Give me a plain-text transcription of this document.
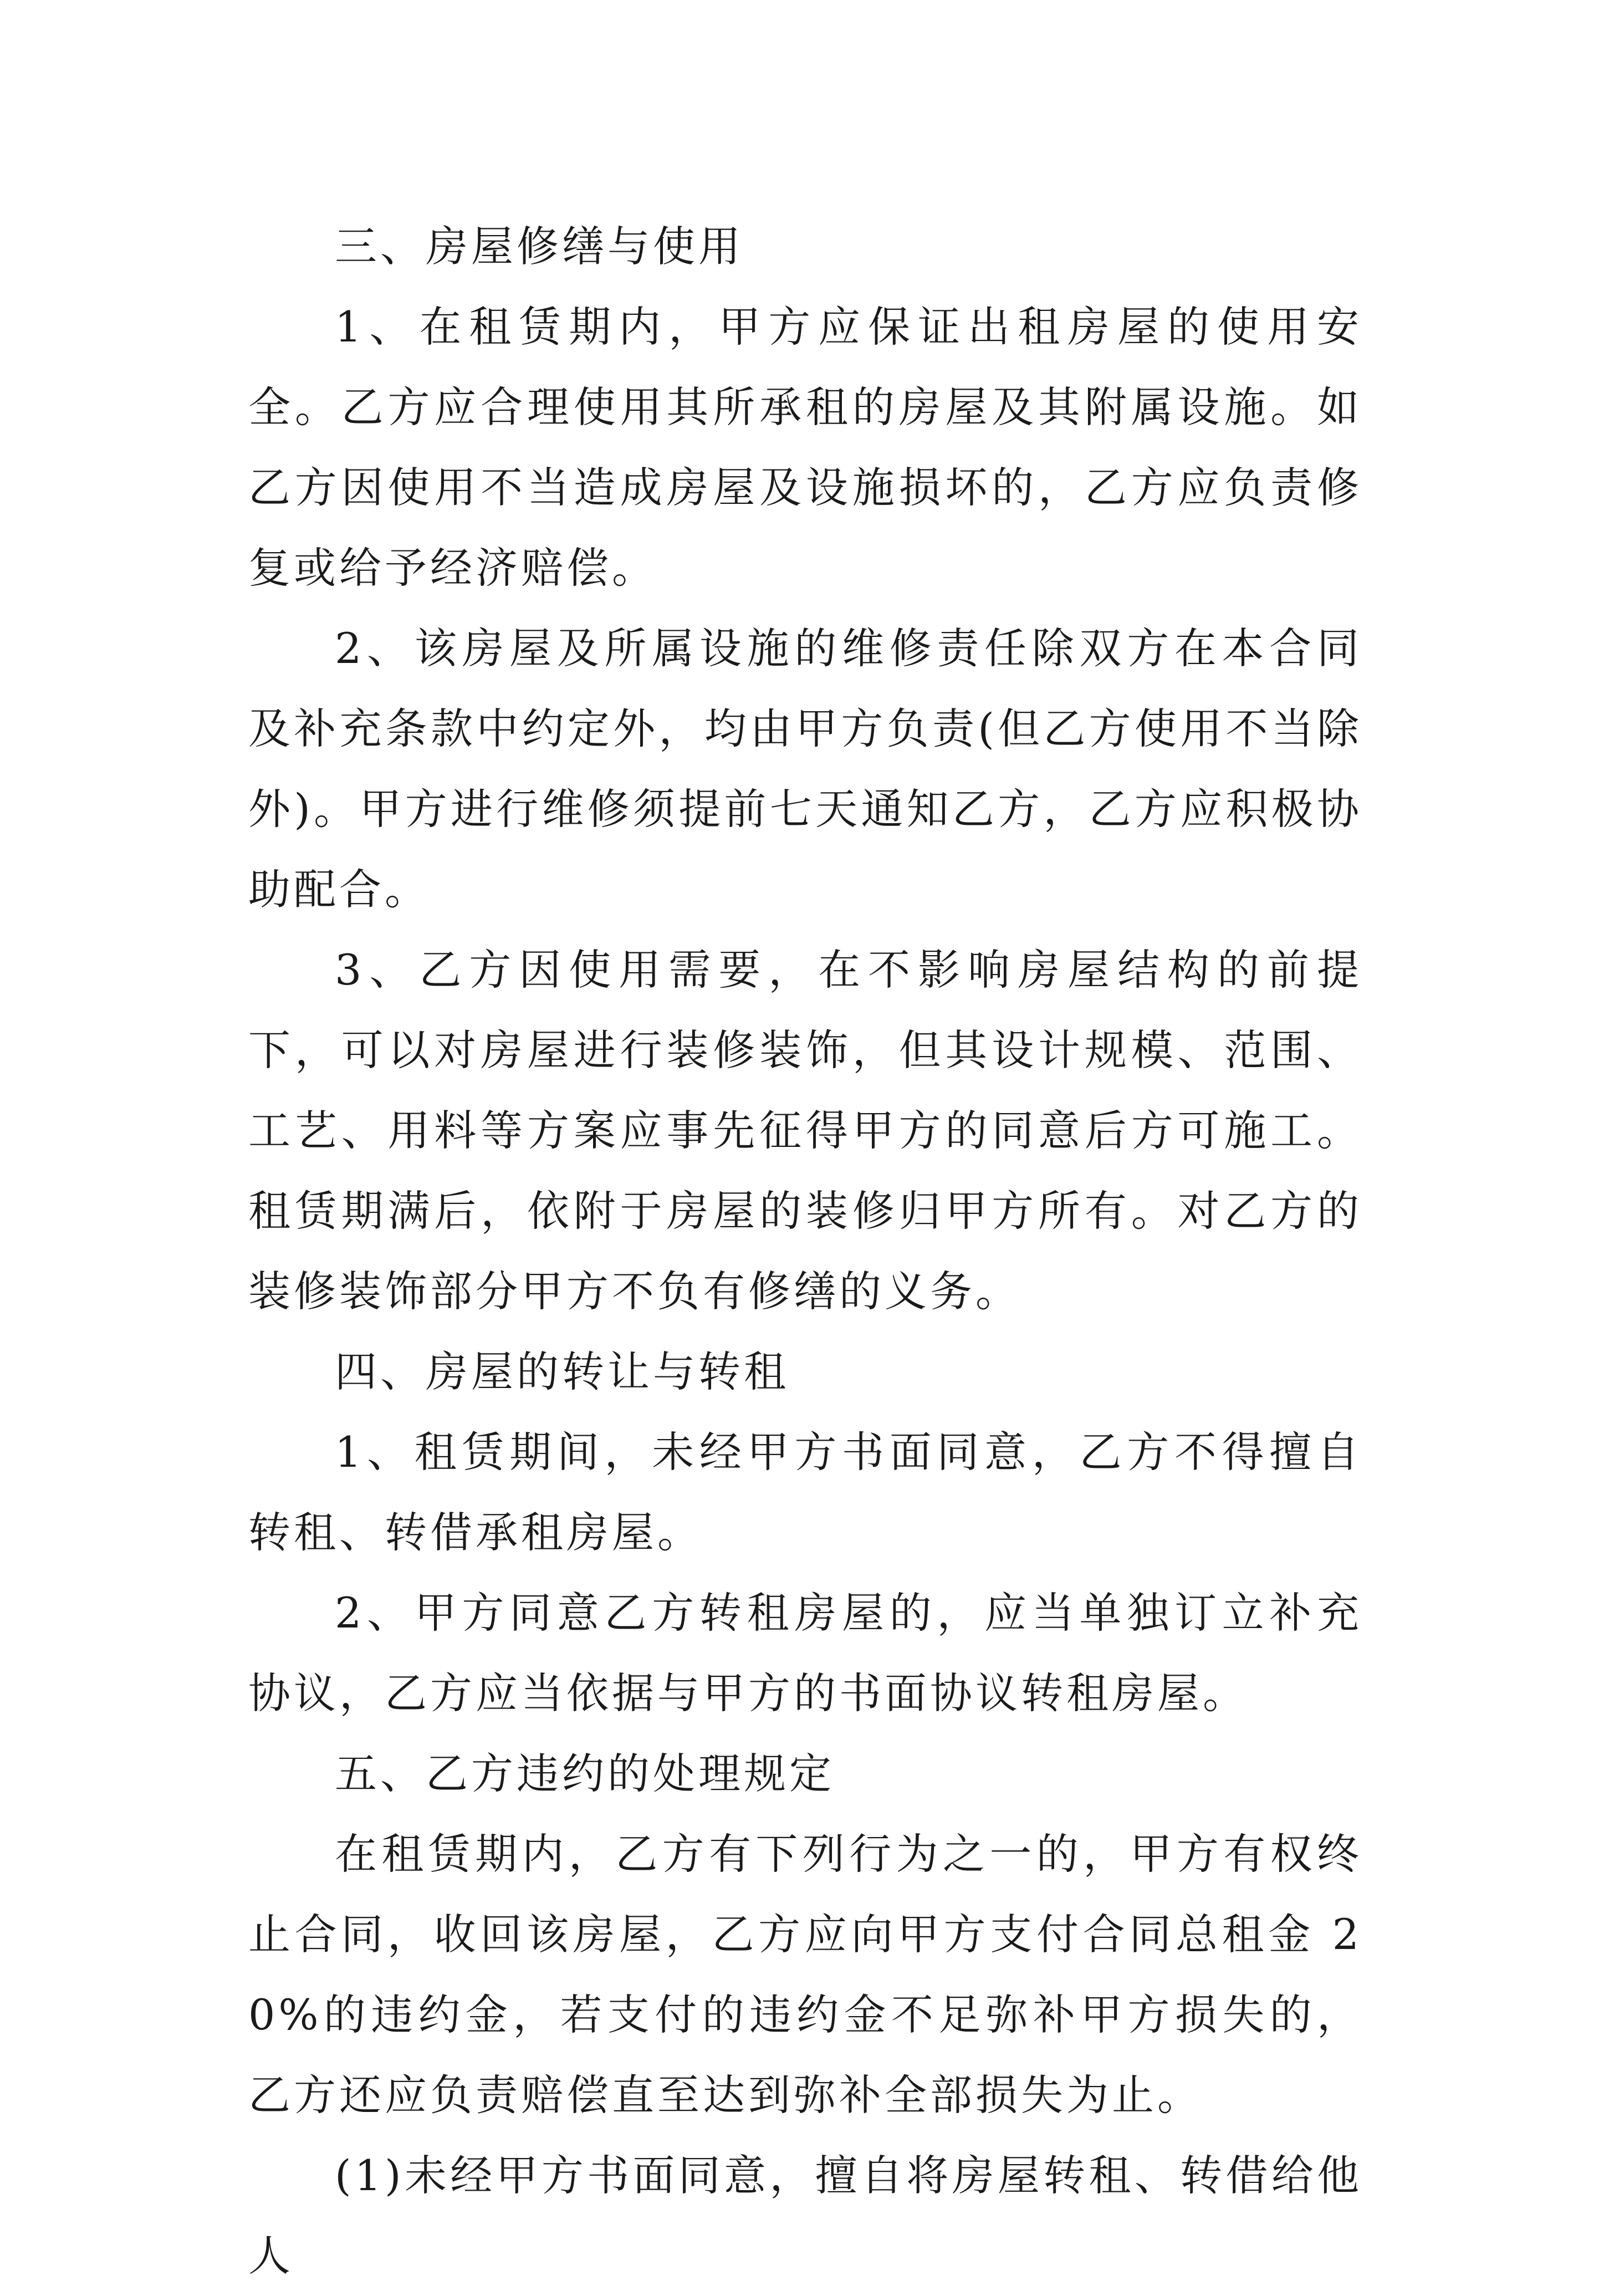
三、房屋修缮与使用

1、在租赁期内，甲方应保证出租房屋的使用安全。乙方应合理使用其所承租的房屋及其附属设施。如乙方因使用不当造成房屋及设施损坏的，乙方应负责修复或给予经济赔偿。

2、该房屋及所属设施的维修责任除双方在本合同及补充条款中约定外，均由甲方负责(但乙方使用不当除外)。甲方进行维修须提前七天通知乙方，乙方应积极协助配合。

3、乙方因使用需要，在不影响房屋结构的前提下，可以对房屋进行装修装饰，但其设计规模、范围、工艺、用料等方案应事先征得甲方的同意后方可施工。租赁期满后，依附于房屋的装修归甲方所有。对乙方的装修装饰部分甲方不负有修缮的义务。

四、房屋的转让与转租

1、租赁期间，未经甲方书面同意，乙方不得擅自转租、转借承租房屋。

2、甲方同意乙方转租房屋的，应当单独订立补充协议，乙方应当依据与甲方的书面协议转租房屋。

五、乙方违约的处理规定

在租赁期内，乙方有下列行为之一的，甲方有权终止合同，收回该房屋，乙方应向甲方支付合同总租金 20%的违约金，若支付的违约金不足弥补甲方损失的，乙方还应负责赔偿直至达到弥补全部损失为止。

(1)未经甲方书面同意，擅自将房屋转租、转借给他人
